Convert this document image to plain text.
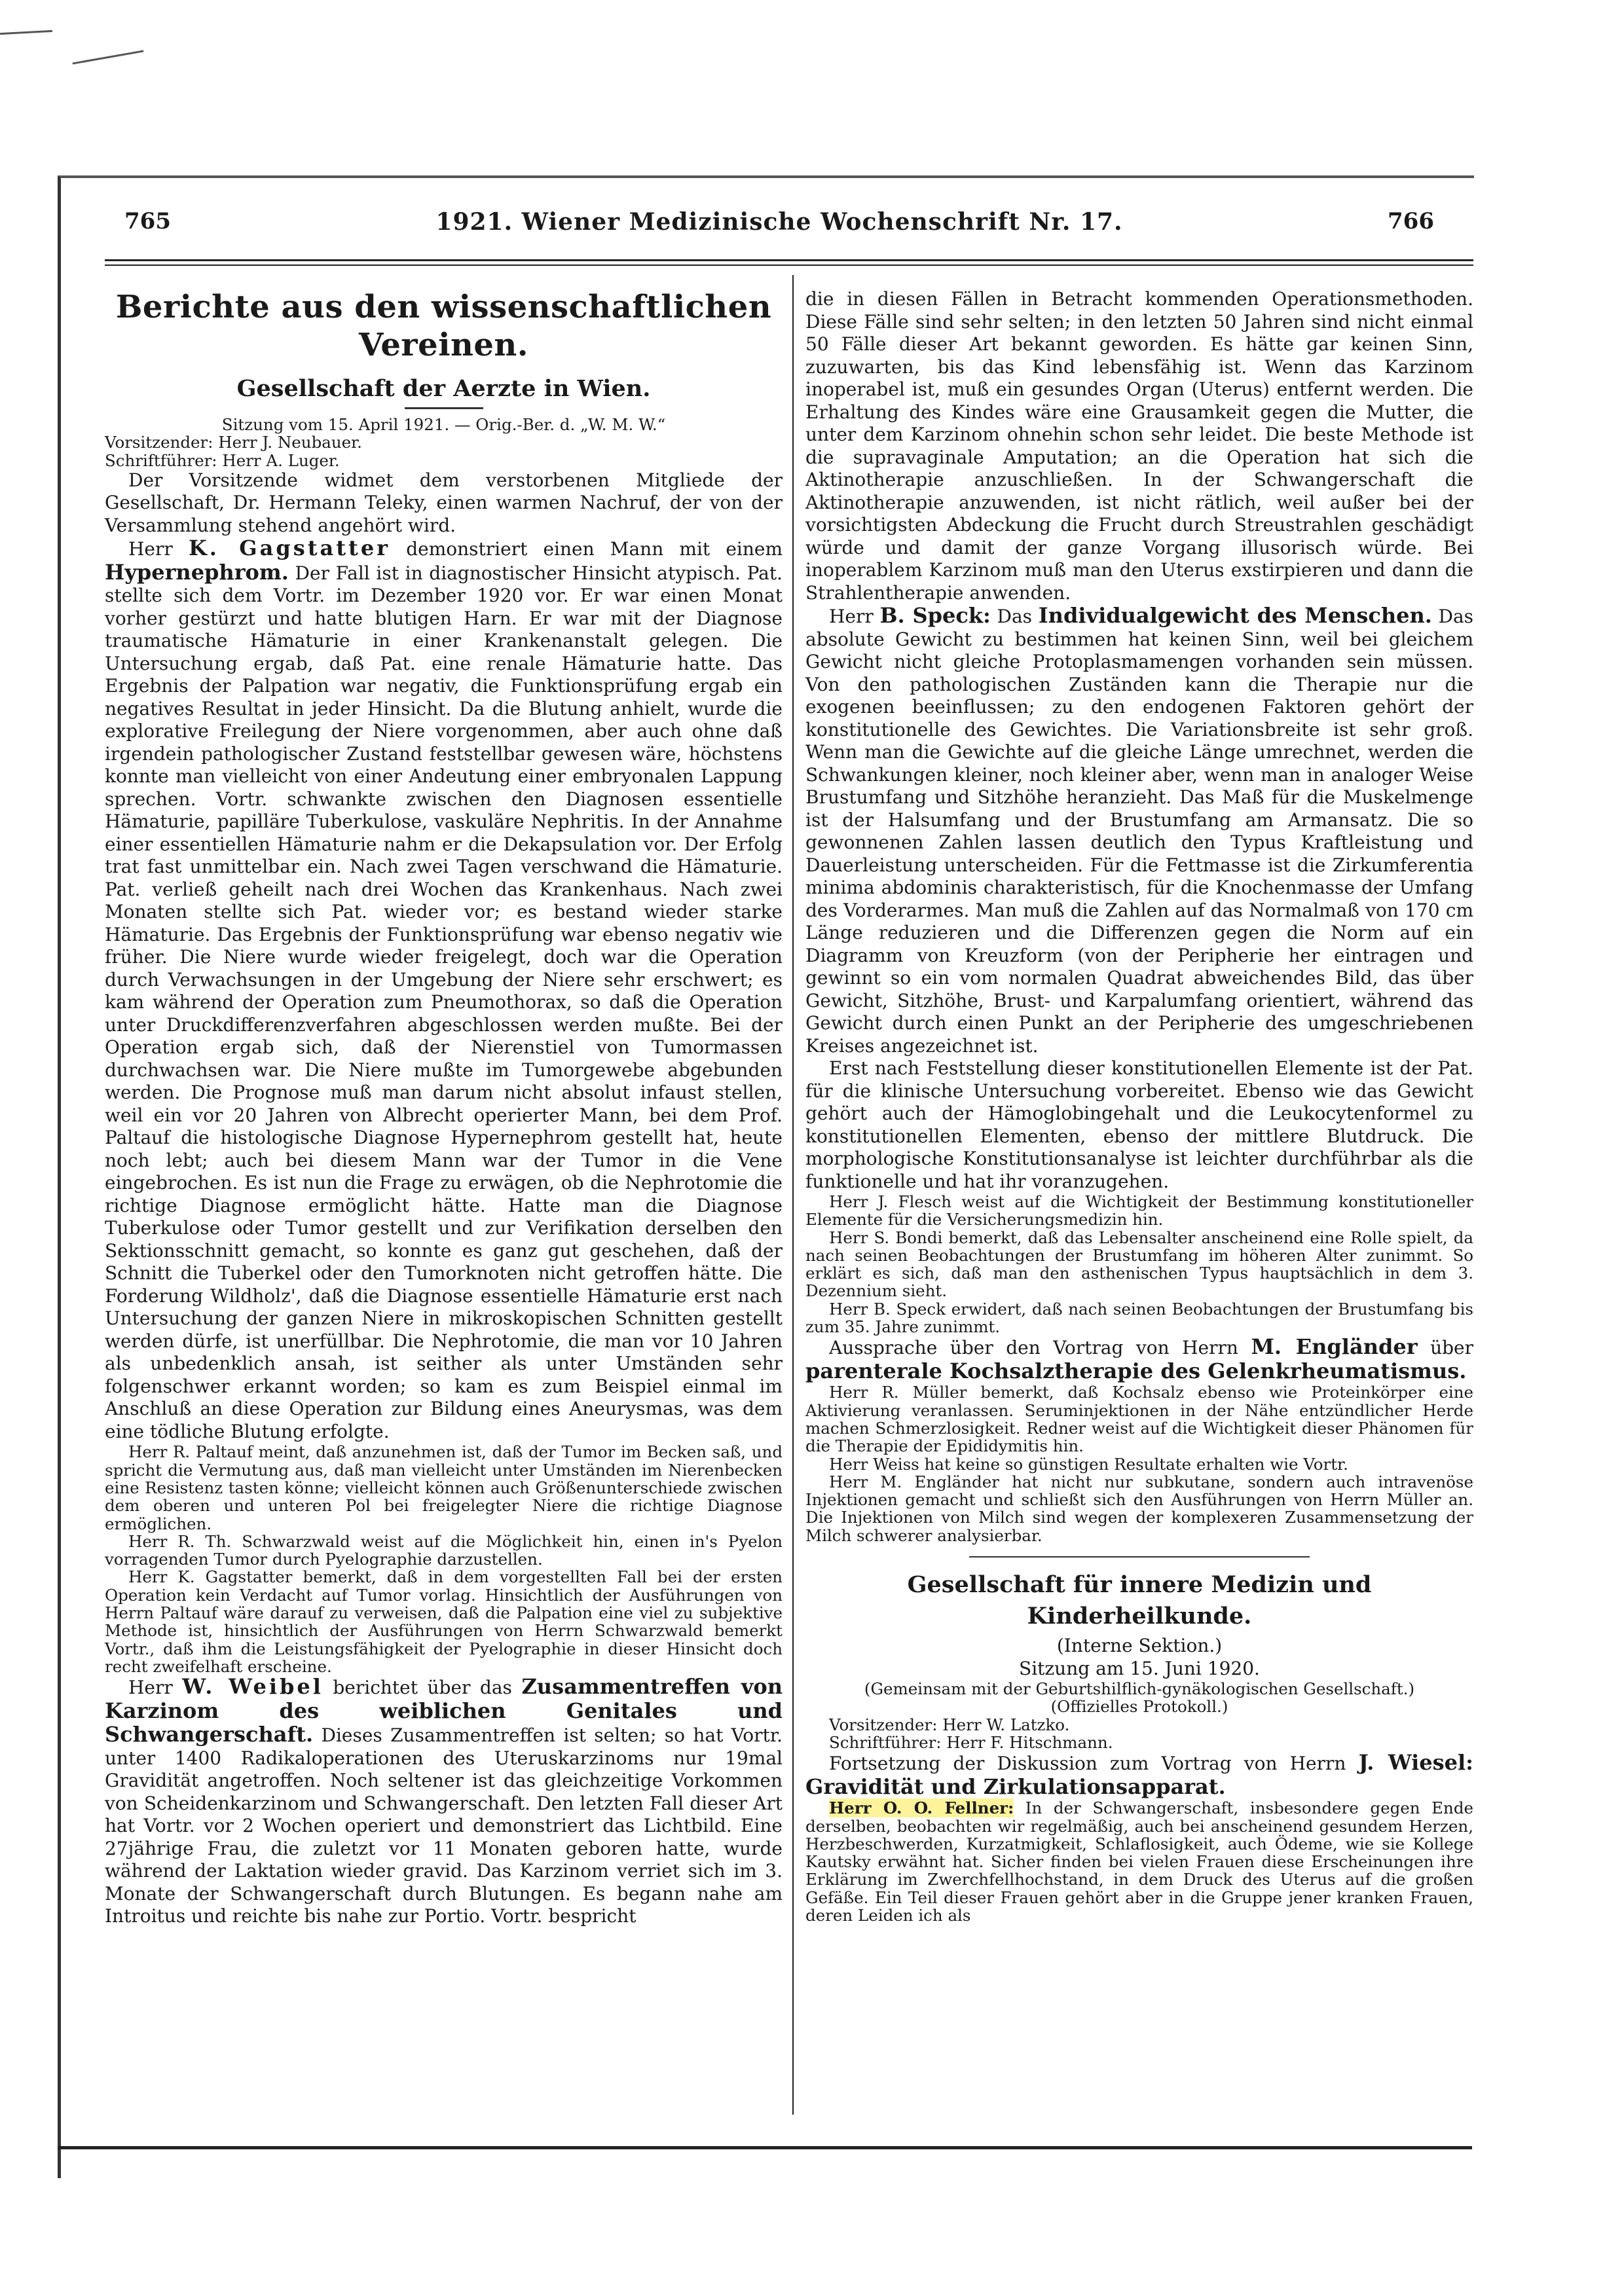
765	1921. Wiener Medizinische Wochenschrift Nr. 17.	766
Berichte aus den wissenschaftlichen Vereinen.
Gesellschaft der Aerzte in Wien.

Sitzung vom 15. April 1921. — Orig.-Ber. d. „W. M. W.“

Vorsitzender: Herr J. Neubauer.

Schriftführer: Herr A. Luger.

Der Vorsitzende widmet dem verstorbenen Mitgliede der Gesellschaft, Dr. Hermann Teleky, einen warmen Nachruf, der von der Versammlung stehend angehört wird.

Herr K. Gagstatter demonstriert einen Mann mit einem Hypernephrom. Der Fall ist in diagnostischer Hinsicht atypisch. Pat. stellte sich dem Vortr. im Dezember 1920 vor. Er war einen Monat vorher gestürzt und hatte blutigen Harn. Er war mit der Diagnose traumatische Hämaturie in einer Krankenanstalt gelegen. Die Untersuchung ergab, daß Pat. eine renale Hämaturie hatte. Das Ergebnis der Palpation war negativ, die Funktionsprüfung ergab ein negatives Resultat in jeder Hinsicht. Da die Blutung anhielt, wurde die explorative Freilegung der Niere vorgenommen, aber auch ohne daß irgendein pathologischer Zustand feststellbar gewesen wäre, höchstens konnte man vielleicht von einer Andeutung einer embryonalen Lappung sprechen. Vortr. schwankte zwischen den Diagnosen essentielle Hämaturie, papilläre Tuberkulose, vaskuläre Nephritis. In der Annahme einer essentiellen Hämaturie nahm er die Dekapsulation vor. Der Erfolg trat fast unmittelbar ein. Nach zwei Tagen verschwand die Hämaturie. Pat. verließ geheilt nach drei Wochen das Krankenhaus. Nach zwei Monaten stellte sich Pat. wieder vor; es bestand wieder starke Hämaturie. Das Ergebnis der Funktionsprüfung war ebenso negativ wie früher. Die Niere wurde wieder freigelegt, doch war die Operation durch Verwachsungen in der Umgebung der Niere sehr erschwert; es kam während der Operation zum Pneumothorax, so daß die Operation unter Druckdifferenzverfahren abgeschlossen werden mußte. Bei der Operation ergab sich, daß der Nierenstiel von Tumormassen durchwachsen war. Die Niere mußte im Tumorgewebe abgebunden werden. Die Prognose muß man darum nicht absolut infaust stellen, weil ein vor 20 Jahren von Albrecht operierter Mann, bei dem Prof. Paltauf die histologische Diagnose Hypernephrom gestellt hat, heute noch lebt; auch bei diesem Mann war der Tumor in die Vene eingebrochen. Es ist nun die Frage zu erwägen, ob die Nephrotomie die richtige Diagnose ermöglicht hätte. Hatte man die Diagnose Tuberkulose oder Tumor gestellt und zur Verifikation derselben den Sektionsschnitt gemacht, so konnte es ganz gut geschehen, daß der Schnitt die Tuberkel oder den Tumorknoten nicht getroffen hätte. Die Forderung Wildholz', daß die Diagnose essentielle Hämaturie erst nach Untersuchung der ganzen Niere in mikroskopischen Schnitten gestellt werden dürfe, ist unerfüllbar. Die Nephrotomie, die man vor 10 Jahren als unbedenklich ansah, ist seither als unter Umständen sehr folgenschwer erkannt worden; so kam es zum Beispiel einmal im Anschluß an diese Operation zur Bildung eines Aneurysmas, was dem eine tödliche Blutung erfolgte.

Herr R. Paltauf meint, daß anzunehmen ist, daß der Tumor im Becken saß, und spricht die Vermutung aus, daß man vielleicht unter Umständen im Nierenbecken eine Resistenz tasten könne; vielleicht können auch Größenunterschiede zwischen dem oberen und unteren Pol bei freigelegter Niere die richtige Diagnose ermöglichen.

Herr R. Th. Schwarzwald weist auf die Möglichkeit hin, einen in's Pyelon vorragenden Tumor durch Pyelographie darzustellen.

Herr K. Gagstatter bemerkt, daß in dem vorgestellten Fall bei der ersten Operation kein Verdacht auf Tumor vorlag. Hinsichtlich der Ausführungen von Herrn Paltauf wäre darauf zu verweisen, daß die Palpation eine viel zu subjektive Methode ist, hinsichtlich der Ausführungen von Herrn Schwarzwald bemerkt Vortr., daß ihm die Leistungsfähigkeit der Pyelographie in dieser Hinsicht doch recht zweifelhaft erscheine.

Herr W. Weibel berichtet über das Zusammentreffen von Karzinom des weiblichen Genitales und Schwangerschaft. Dieses Zusammentreffen ist selten; so hat Vortr. unter 1400 Radikaloperationen des Uteruskarzinoms nur 19mal Gravidität angetroffen. Noch seltener ist das gleichzeitige Vorkommen von Scheidenkarzinom und Schwangerschaft. Den letzten Fall dieser Art hat Vortr. vor 2 Wochen operiert und demonstriert das Lichtbild. Eine 27jährige Frau, die zuletzt vor 11 Monaten geboren hatte, wurde während der Laktation wieder gravid. Das Karzinom verriet sich im 3. Monate der Schwangerschaft durch Blutungen. Es begann nahe am Introitus und reichte bis nahe zur Portio. Vortr. bespricht

die in diesen Fällen in Betracht kommenden Operationsmethoden. Diese Fälle sind sehr selten; in den letzten 50 Jahren sind nicht einmal 50 Fälle dieser Art bekannt geworden. Es hätte gar keinen Sinn, zuzuwarten, bis das Kind lebensfähig ist. Wenn das Karzinom inoperabel ist, muß ein gesundes Organ (Uterus) entfernt werden. Die Erhaltung des Kindes wäre eine Grausamkeit gegen die Mutter, die unter dem Karzinom ohnehin schon sehr leidet. Die beste Methode ist die supravaginale Amputation; an die Operation hat sich die Aktinotherapie anzuschließen. In der Schwangerschaft die Aktinotherapie anzuwenden, ist nicht rätlich, weil außer bei der vorsichtigsten Abdeckung die Frucht durch Streustrahlen geschädigt würde und damit der ganze Vorgang illusorisch würde. Bei inoperablem Karzinom muß man den Uterus exstirpieren und dann die Strahlentherapie anwenden.

Herr B. Speck: Das Individualgewicht des Menschen. Das absolute Gewicht zu bestimmen hat keinen Sinn, weil bei gleichem Gewicht nicht gleiche Protoplasmamengen vorhanden sein müssen. Von den pathologischen Zuständen kann die Therapie nur die exogenen beeinflussen; zu den endogenen Faktoren gehört der konstitutionelle des Gewichtes. Die Variationsbreite ist sehr groß. Wenn man die Gewichte auf die gleiche Länge umrechnet, werden die Schwankungen kleiner, noch kleiner aber, wenn man in analoger Weise Brustumfang und Sitzhöhe heranzieht. Das Maß für die Muskelmenge ist der Halsumfang und der Brustumfang am Armansatz. Die so gewonnenen Zahlen lassen deutlich den Typus Kraftleistung und Dauerleistung unterscheiden. Für die Fettmasse ist die Zirkumferentia minima abdominis charakteristisch, für die Knochenmasse der Umfang des Vorderarmes. Man muß die Zahlen auf das Normalmaß von 170 cm Länge reduzieren und die Differenzen gegen die Norm auf ein Diagramm von Kreuzform (von der Peripherie her eintragen und gewinnt so ein vom normalen Quadrat abweichendes Bild, das über Gewicht, Sitzhöhe, Brust- und Karpalumfang orientiert, während das Gewicht durch einen Punkt an der Peripherie des umgeschriebenen Kreises angezeichnet ist.

Erst nach Feststellung dieser konstitutionellen Elemente ist der Pat. für die klinische Untersuchung vorbereitet. Ebenso wie das Gewicht gehört auch der Hämoglobingehalt und die Leukocytenformel zu konstitutionellen Elementen, ebenso der mittlere Blutdruck. Die morphologische Konstitutionsanalyse ist leichter durchführbar als die funktionelle und hat ihr voranzugehen.

Herr J. Flesch weist auf die Wichtigkeit der Bestimmung konstitutioneller Elemente für die Versicherungsmedizin hin.

Herr S. Bondi bemerkt, daß das Lebensalter anscheinend eine Rolle spielt, da nach seinen Beobachtungen der Brustumfang im höheren Alter zunimmt. So erklärt es sich, daß man den asthenischen Typus hauptsächlich in dem 3. Dezennium sieht.

Herr B. Speck erwidert, daß nach seinen Beobachtungen der Brustumfang bis zum 35. Jahre zunimmt.

Aussprache über den Vortrag von Herrn M. Engländer über parenterale Kochsalztherapie des Gelenkrheumatismus.

Herr R. Müller bemerkt, daß Kochsalz ebenso wie Proteinkörper eine Aktivierung veranlassen. Seruminjektionen in der Nähe entzündlicher Herde machen Schmerzlosigkeit. Redner weist auf die Wichtigkeit dieser Phänomen für die Therapie der Epididymitis hin.

Herr Weiss hat keine so günstigen Resultate erhalten wie Vortr.

Herr M. Engländer hat nicht nur subkutane, sondern auch intravenöse Injektionen gemacht und schließt sich den Ausführungen von Herrn Müller an. Die Injektionen von Milch sind wegen der komplexeren Zusammensetzung der Milch schwerer analysierbar.

Gesellschaft für innere Medizin und Kinderheilkunde.

(Interne Sektion.)

Sitzung am 15. Juni 1920.

(Gemeinsam mit der Geburtshilflich-gynäkologischen Gesellschaft.)

(Offizielles Protokoll.)

Vorsitzender: Herr W. Latzko.

Schriftführer: Herr F. Hitschmann.

Fortsetzung der Diskussion zum Vortrag von Herrn J. Wiesel: Gravidität und Zirkulationsapparat.

Herr O. O. Fellner: In der Schwangerschaft, insbesondere gegen Ende derselben, beobachten wir regelmäßig, auch bei anscheinend gesundem Herzen, Herzbeschwerden, Kurzatmigkeit, Schlaflosigkeit, auch Ödeme, wie sie Kollege Kautsky erwähnt hat. Sicher finden bei vielen Frauen diese Erscheinungen ihre Erklärung im Zwerchfellhochstand, in dem Druck des Uterus auf die großen Gefäße. Ein Teil dieser Frauen gehört aber in die Gruppe jener kranken Frauen, deren Leiden ich als
